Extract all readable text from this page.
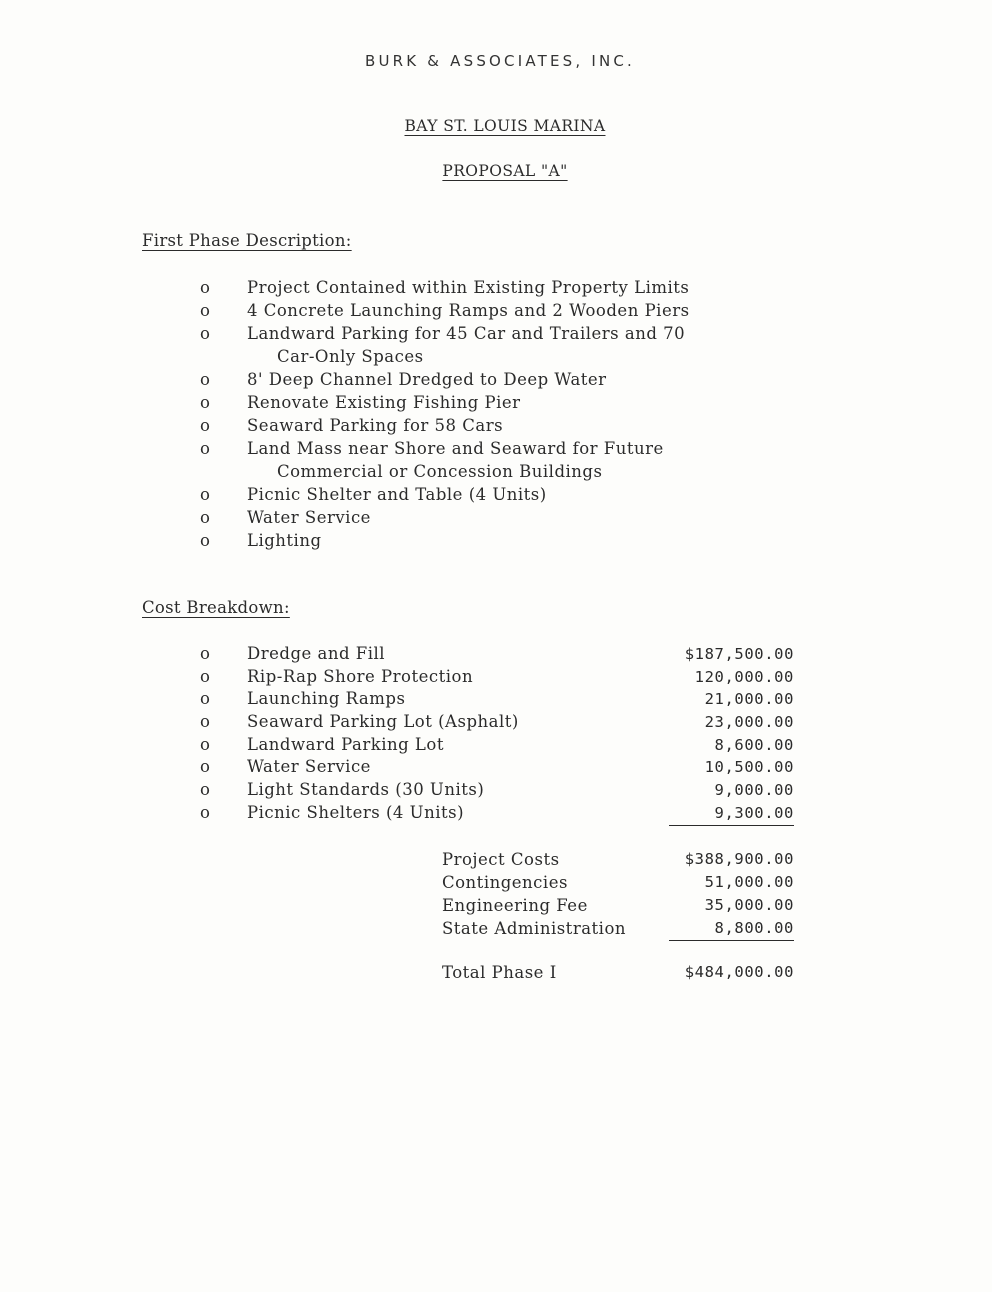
BURK & ASSOCIATES, INC.
BAY ST. LOUIS MARINA
PROPOSAL "A"
First Phase Description:
o Project Contained within Existing Property Limits
o 4 Concrete Launching Ramps and 2 Wooden Piers
o Landward Parking for 45 Car and Trailers and 70
Car-Only Spaces
o 8' Deep Channel Dredged to Deep Water
o Renovate Existing Fishing Pier
o Seaward Parking for 58 Cars
o Land Mass near Shore and Seaward for Future
Commercial or Concession Buildings
o Picnic Shelter and Table (4 Units)
o Water Service
o Lighting
Cost Breakdown:
o Dredge and Fill	$187,500.00
o Rip-Rap Shore Protection	120,000.00
o Launching Ramps	21,000.00
o Seaward Parking Lot (Asphalt)	23,000.00
o Landward Parking Lot	8,600.00
o Water Service	10,500.00
o Light Standards (30 Units)	9,000.00
o Picnic Shelters (4 Units)	9,300.00
Project Costs	$388,900.00
Contingencies	51,000.00
Engineering Fee	35,000.00
State Administration	8,800.00
Total Phase I	$484,000.00
